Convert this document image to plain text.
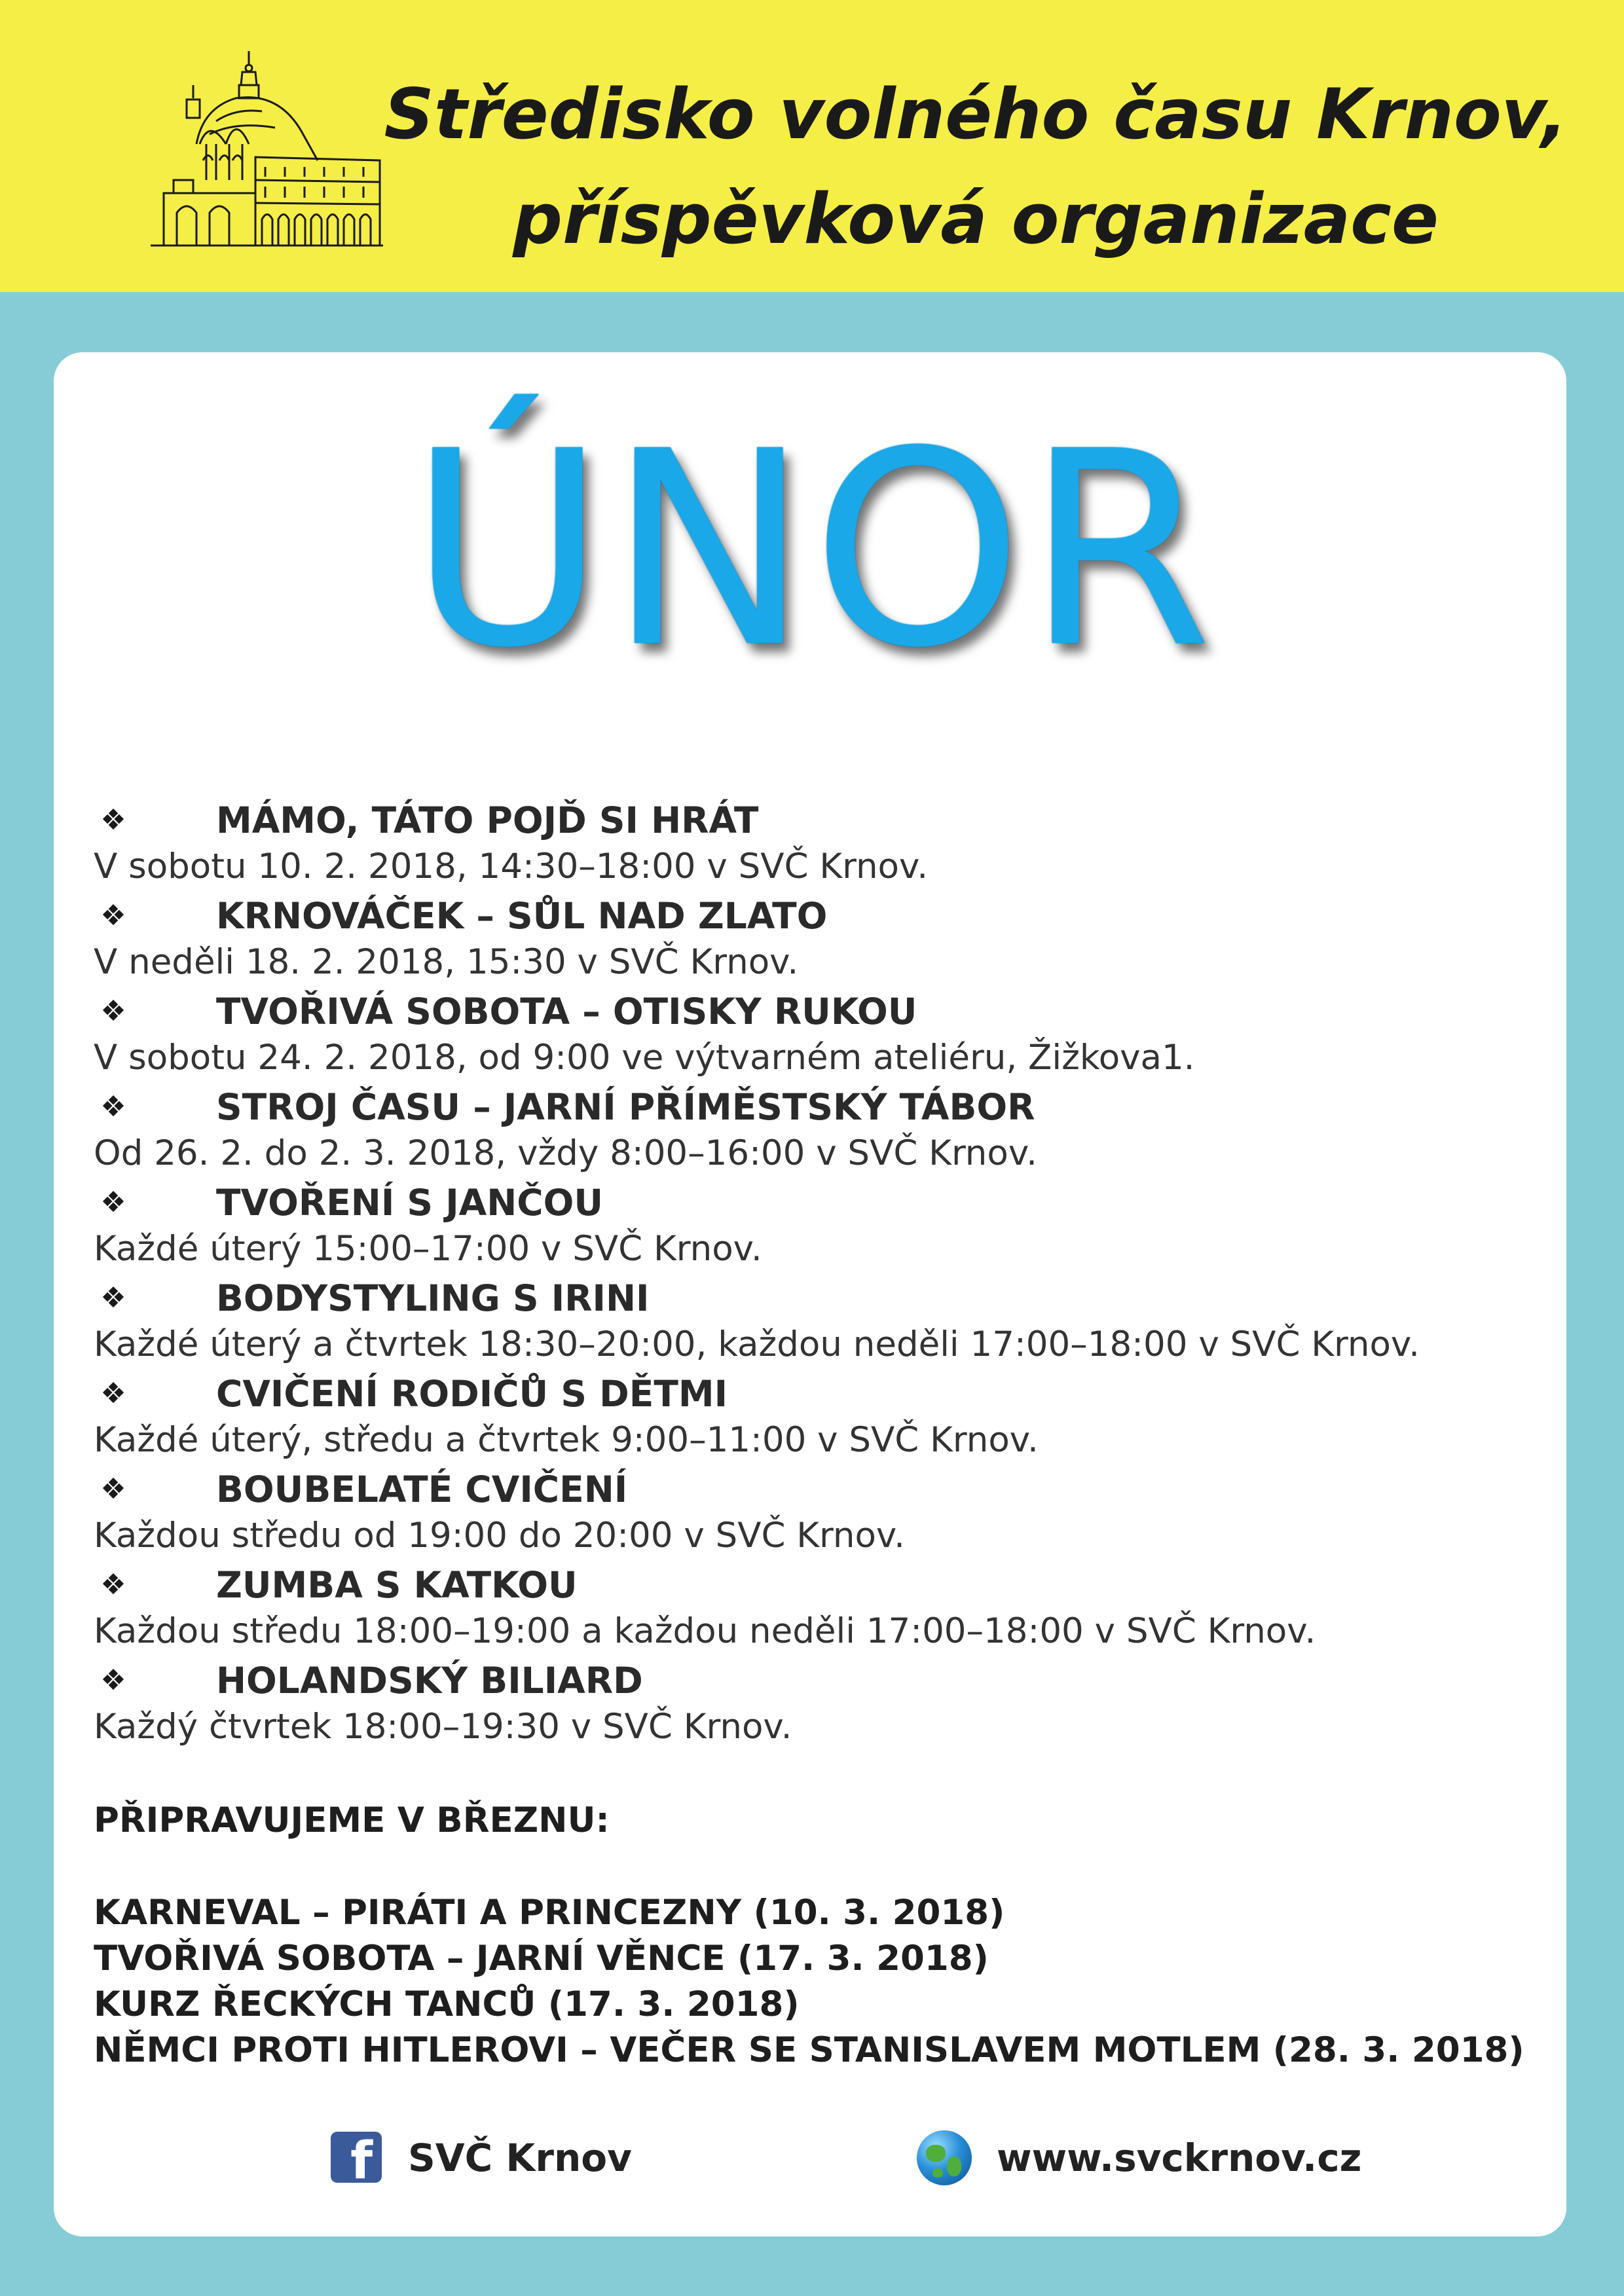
Středisko volného času Krnov,
příspěvková organizace
ÚNOR
❖ MÁMO, TÁTO POJĎ SI HRÁT
V sobotu 10. 2. 2018, 14:30–18:00 v SVČ Krnov.
❖ KRNOVÁČEK – SŮL NAD ZLATO
V neděli 18. 2. 2018, 15:30 v SVČ Krnov.
❖ TVOŘIVÁ SOBOTA – OTISKY RUKOU
V sobotu 24. 2. 2018, od 9:00 ve výtvarném ateliéru, Žižkova1.
❖ STROJ ČASU – JARNÍ PŘÍMĚSTSKÝ TÁBOR
Od 26. 2. do 2. 3. 2018, vždy 8:00–16:00 v SVČ Krnov.
❖ TVOŘENÍ S JANČOU
Každé úterý 15:00–17:00 v SVČ Krnov.
❖ BODYSTYLING S IRINI
Každé úterý a čtvrtek 18:30–20:00, každou neděli 17:00–18:00 v SVČ Krnov.
❖ CVIČENÍ RODIČŮ S DĚTMI
Každé úterý, středu a čtvrtek 9:00–11:00 v SVČ Krnov.
❖ BOUBELATÉ CVIČENÍ
Každou středu od 19:00 do 20:00 v SVČ Krnov.
❖ ZUMBA S KATKOU
Každou středu 18:00–19:00 a každou neděli 17:00–18:00 v SVČ Krnov.
❖ HOLANDSKÝ BILIARD
Každý čtvrtek 18:00–19:30 v SVČ Krnov.
PŘIPRAVUJEME V BŘEZNU:
KARNEVAL – PIRÁTI A PRINCEZNY (10. 3. 2018)
TVOŘIVÁ SOBOTA – JARNÍ VĚNCE (17. 3. 2018)
KURZ ŘECKÝCH TANCŮ (17. 3. 2018)
NĚMCI PROTI HITLEROVI – VEČER SE STANISLAVEM MOTLEM (28. 3. 2018)
f SVČ Krnov	www.svckrnov.cz
